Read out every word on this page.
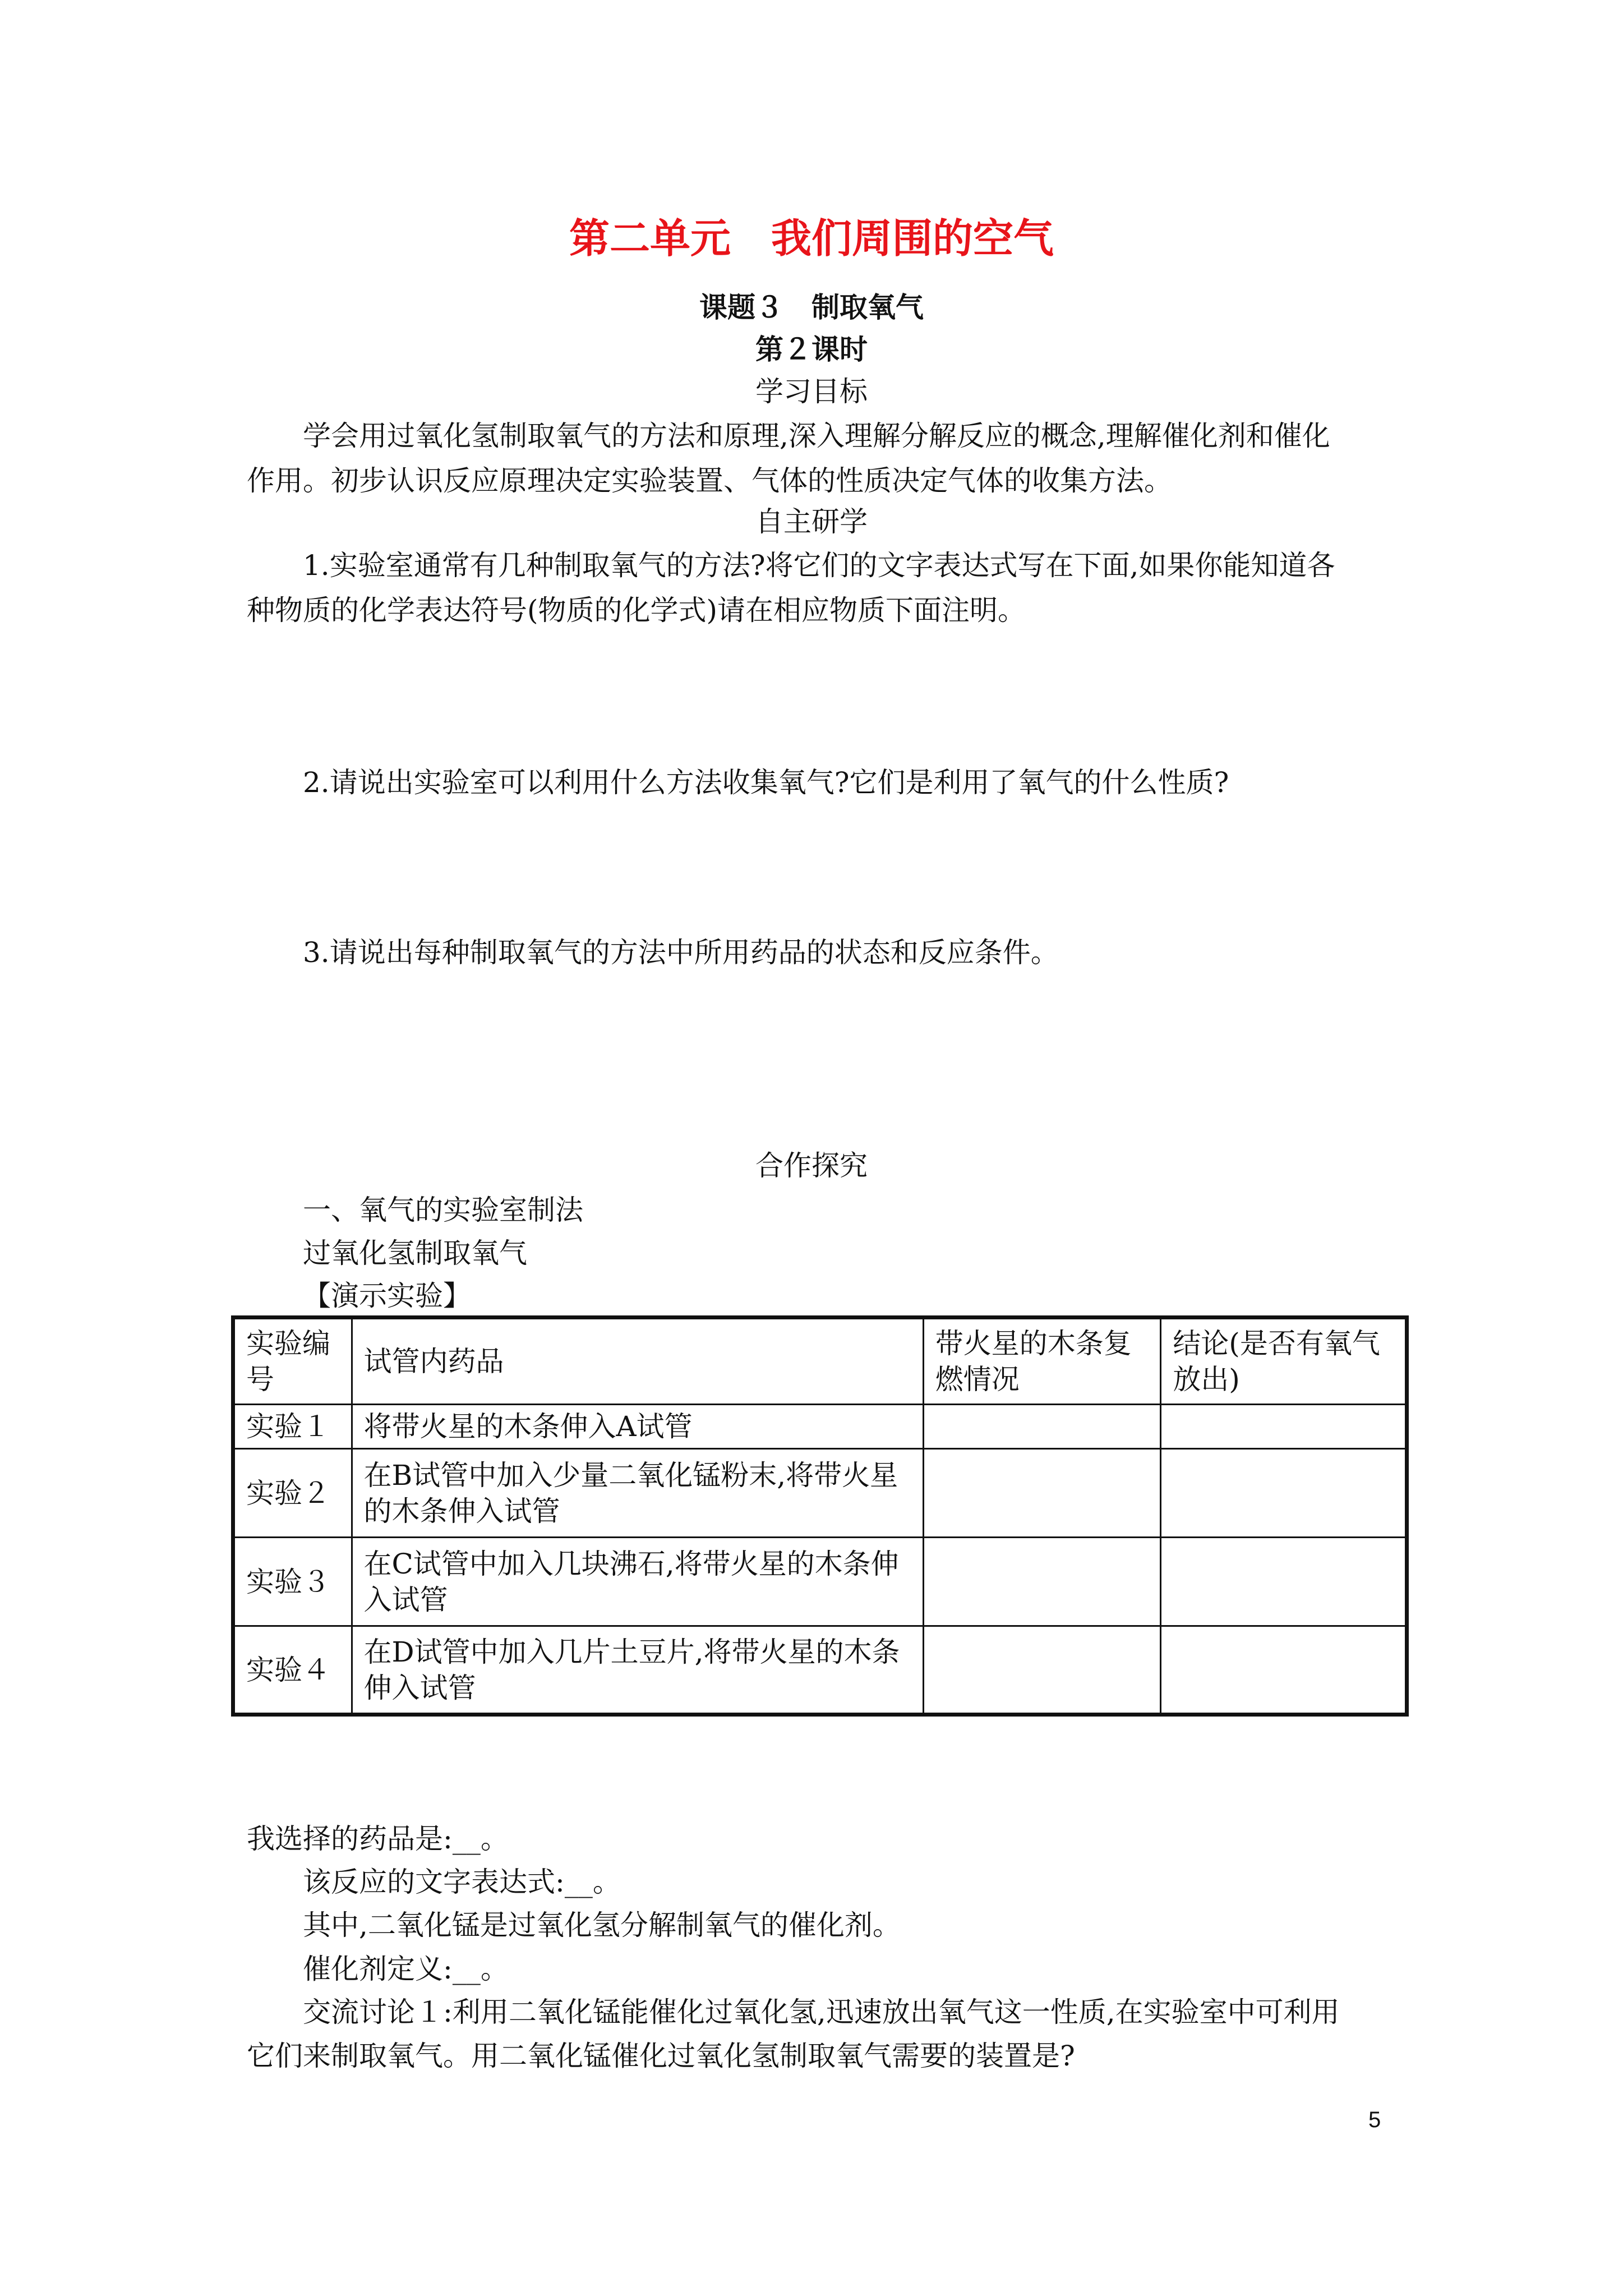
第二单元　我们周围的空气
课题３　制取氧气
第２课时
学习目标
学会用过氧化氢制取氧气的方法和原理,深入理解分解反应的概念,理解催化剂和催化
作用。初步认识反应原理决定实验装置、气体的性质决定气体的收集方法。
自主研学
1.实验室通常有几种制取氧气的方法?将它们的文字表达式写在下面,如果你能知道各
种物质的化学表达符号(物质的化学式)请在相应物质下面注明。
2.请说出实验室可以利用什么方法收集氧气?它们是利用了氧气的什么性质?
3.请说出每种制取氧气的方法中所用药品的状态和反应条件。
合作探究
一、氧气的实验室制法
过氧化氢制取氧气
【演示实验】
实验编号	试管内药品	带火星的木条复燃情况	结论(是否有氧气放出)
实验１	将带火星的木条伸入A试管		
实验２	在B试管中加入少量二氧化锰粉末,将带火星的木条伸入试管		
实验３	在C试管中加入几块沸石,将带火星的木条伸入试管		
实验４	在D试管中加入几片土豆片,将带火星的木条伸入试管		
我选择的药品是:__。
该反应的文字表达式:__。
其中,二氧化锰是过氧化氢分解制氧气的催化剂。
催化剂定义:__。
交流讨论１:利用二氧化锰能催化过氧化氢,迅速放出氧气这一性质,在实验室中可利用
它们来制取氧气。用二氧化锰催化过氧化氢制取氧气需要的装置是?
5
